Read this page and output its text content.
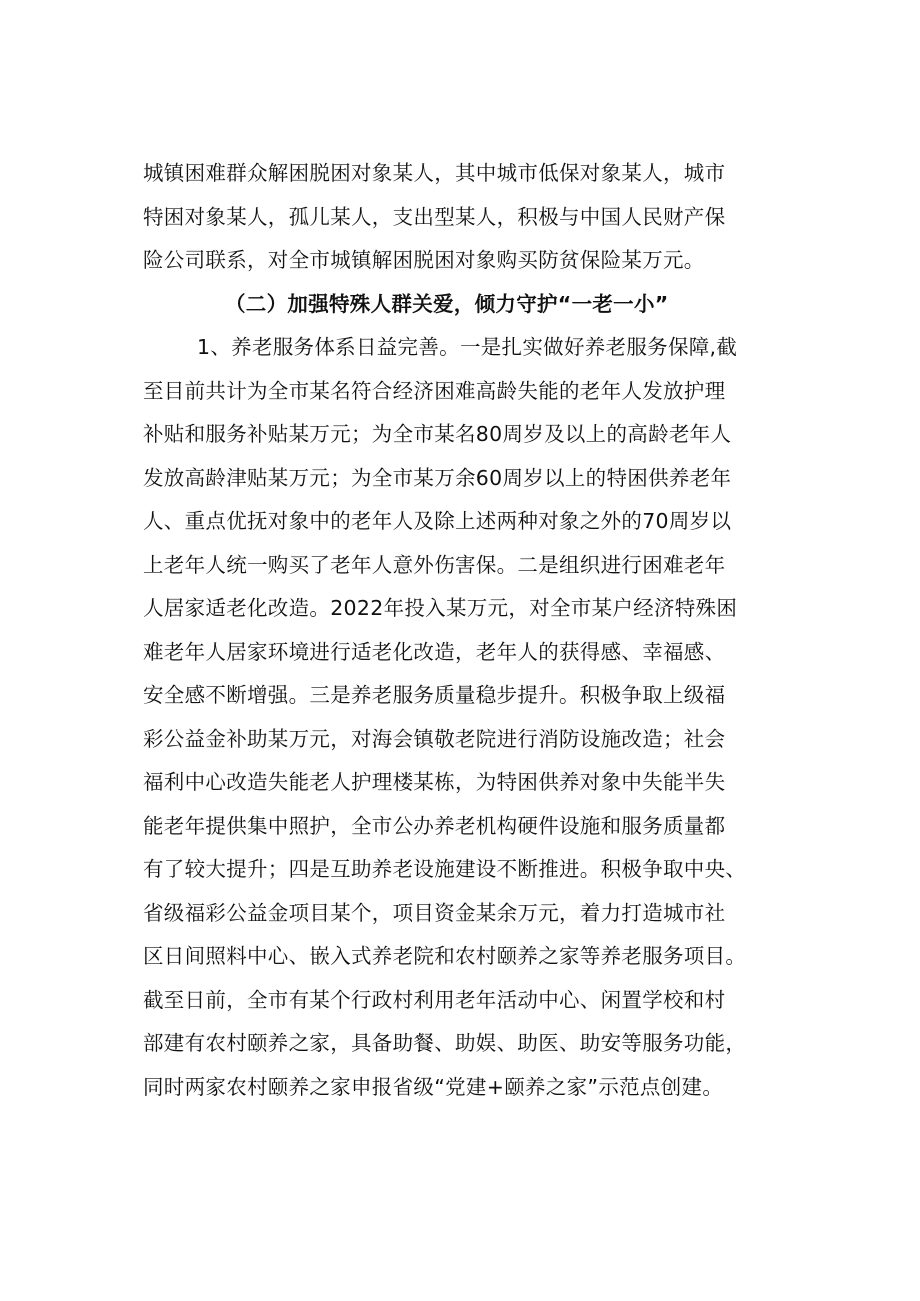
城镇困难群众解困脱困对象某人，其中城市低保对象某人，城市
特困对象某人，孤儿某人，支出型某人，积极与中国人民财产保
险公司联系，对全市城镇解困脱困对象购买防贫保险某万元。
（二）加强特殊人群关爱，倾力守护“一老一小”
1、养老服务体系日益完善。一是扎实做好养老服务保障,截
至目前共计为全市某名符合经济困难高龄失能的老年人发放护理
补贴和服务补贴某万元；为全市某名80周岁及以上的高龄老年人
发放高龄津贴某万元；为全市某万余60周岁以上的特困供养老年
人、重点优抚对象中的老年人及除上述两种对象之外的70周岁以
上老年人统一购买了老年人意外伤害保。二是组织进行困难老年
人居家适老化改造。2022年投入某万元，对全市某户经济特殊困
难老年人居家环境进行适老化改造，老年人的获得感、幸福感、
安全感不断增强。三是养老服务质量稳步提升。积极争取上级福
彩公益金补助某万元，对海会镇敬老院进行消防设施改造；社会
福利中心改造失能老人护理楼某栋，为特困供养对象中失能半失
能老年提供集中照护，全市公办养老机构硬件设施和服务质量都
有了较大提升；四是互助养老设施建设不断推进。积极争取中央、
省级福彩公益金项目某个，项目资金某余万元，着力打造城市社
区日间照料中心、嵌入式养老院和农村颐养之家等养老服务项目。
截至日前，全市有某个行政村利用老年活动中心、闲置学校和村
部建有农村颐养之家，具备助餐、助娱、助医、助安等服务功能，
同时两家农村颐养之家申报省级“党建+颐养之家”示范点创建。
